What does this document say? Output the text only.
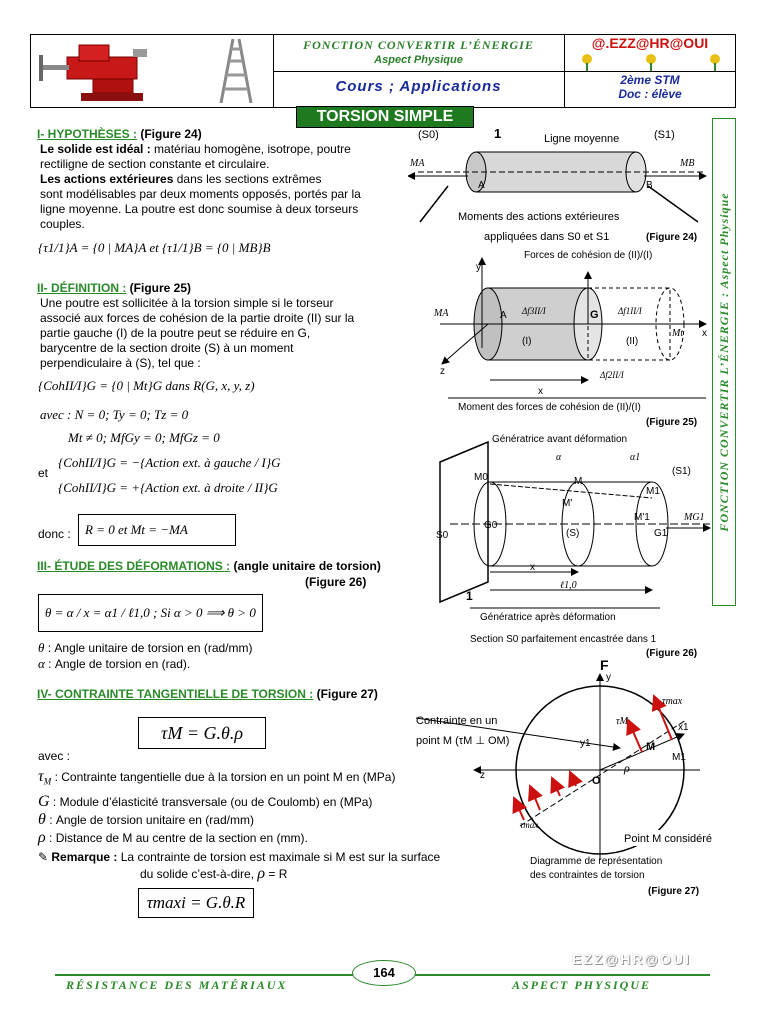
FONCTION CONVERTIR L’ÉNERGIE
Aspect Physique
Cours ; Applications
@.EZZ@HR@OUI
2ème STM
Doc : élève
TORSION SIMPLE
FONCTION CONVERTIR L’ÉNERGIE : Aspect Physique
I- HYPOTHÈSES : (Figure 24)
Le solide est idéal : matériau homogène, isotrope, poutre
rectiligne de section constante et circulaire.
Les actions extérieures dans les sections extrêmes
sont modélisables par deux moments opposés, portés par la
ligne moyenne. La poutre est donc soumise à deux torseurs
couples.
{τ1/1}A = {0 | MA}A et {τ1/1}B = {0 | MB}B
II- DÉFINITION : (Figure 25)
Une poutre est sollicitée à la torsion simple si le torseur
associé aux forces de cohésion de la partie droite (II) sur la
partie gauche (I) de la poutre peut se réduire en G,
barycentre de la section droite (S) à un moment
perpendiculaire à (S), tel que :
{CohII/I}G = {0 | Mt}G dans R(G, x, y, z)
avec : N = 0; Ty = 0; Tz = 0
Mt ≠ 0; MfGy = 0; MfGz = 0
et
{CohII/I}G = −{Action ext. à gauche / I}G
{CohII/I}G = +{Action ext. à droite / II}G
donc :	R = 0 et Mt = −MA
III- ÉTUDE DES DÉFORMATIONS : (angle unitaire de torsion)
(Figure 26)
θ = α / x = α1 / ℓ1,0 ; Si α > 0 ⟹ θ > 0
θ : Angle unitaire de torsion en (rad/mm)
α : Angle de torsion en (rad).
IV- CONTRAINTE TANGENTIELLE DE TORSION : (Figure 27)
τM = G.θ.ρ
avec :
$\tau_M$ : Contrainte tangentielle due à la torsion en un point M en (MPa)
G : Module d’élasticité transversale (ou de Coulomb) en (MPa)
θ : Angle de torsion unitaire en (rad/mm)
ρ : Distance de M au centre de la section en (mm).
✎ Remarque : La contrainte de torsion est maximale si M est sur la surface
du solide c’est-à-dire, ρ = R
τmaxi = G.θ.R
(S0)	1	Ligne moyenne	(S1)
MA	MB
A	B
Moments des actions extérieures
appliquées dans S0 et S1	(Figure 24)
Forces de cohésion de (II)/(I)
y
MA	A	G
Δf3II/I	Δf1II/I
Mt
(I)	(II)
x
z	Δf2II/I
x
Moment des forces de cohésion de (II)/(I)
(Figure 25)
Génératrice avant déformation
(S1)
M0	M
M1
M'
M'1
G0
(S)	G1
MG1
S0
x
ℓ1,0
1
α	α1
Génératrice après déformation
Section S0 parfaitement encastrée dans 1
(Figure 26)
F
Contrainte en un
point M (τM ⊥ OM)
τmax
τM
y
y1
x1
M
M1
O
ρ
z
τmax
Point M considéré
Diagramme de représentation
des contraintes de torsion
(Figure 27)
EZZ@HR@OUI
164
RÉSISTANCE DES MATÉRIAUX	ASPECT PHYSIQUE
